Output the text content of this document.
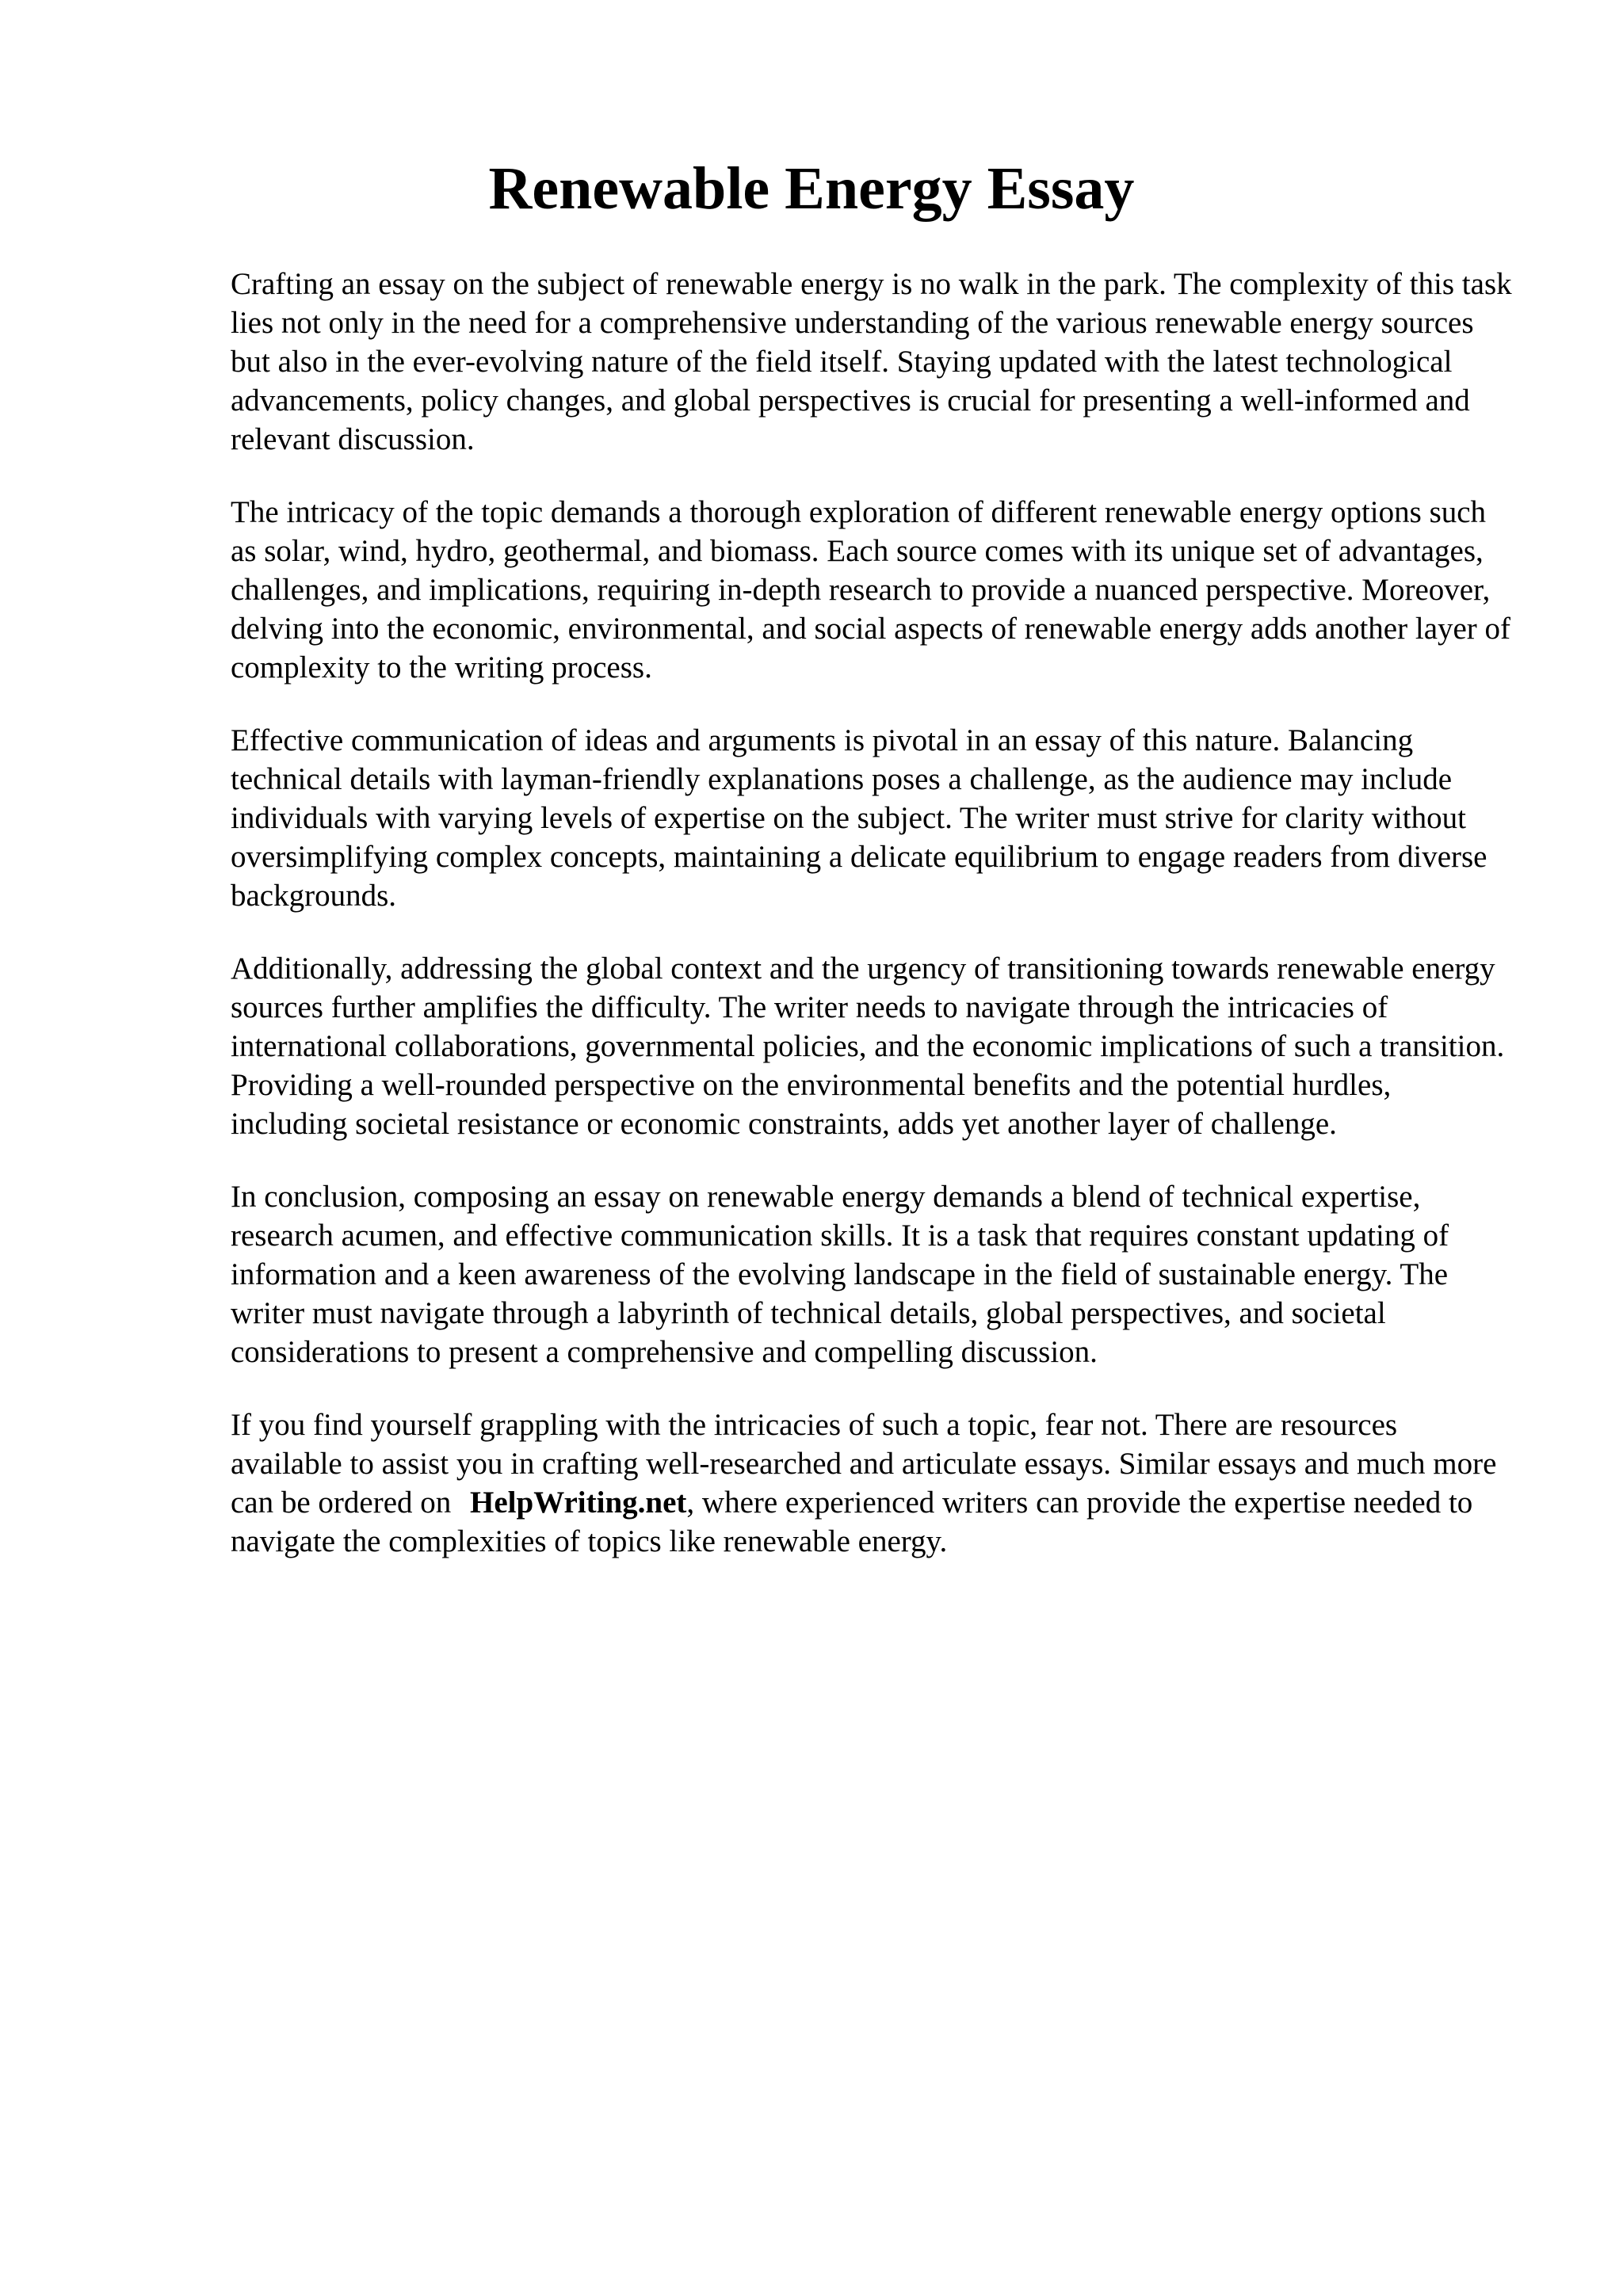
Renewable Energy Essay

Crafting an essay on the subject of renewable energy is no walk in the park. The complexity of this task lies not only in the need for a comprehensive understanding of the various renewable energy sources but also in the ever-evolving nature of the field itself. Staying updated with the latest technological advancements, policy changes, and global perspectives is crucial for presenting a well-informed and relevant discussion.

The intricacy of the topic demands a thorough exploration of different renewable energy options such as solar, wind, hydro, geothermal, and biomass. Each source comes with its unique set of advantages, challenges, and implications, requiring in-depth research to provide a nuanced perspective. Moreover, delving into the economic, environmental, and social aspects of renewable energy adds another layer of complexity to the writing process.

Effective communication of ideas and arguments is pivotal in an essay of this nature. Balancing technical details with layman-friendly explanations poses a challenge, as the audience may include individuals with varying levels of expertise on the subject. The writer must strive for clarity without oversimplifying complex concepts, maintaining a delicate equilibrium to engage readers from diverse backgrounds.

Additionally, addressing the global context and the urgency of transitioning towards renewable energy sources further amplifies the difficulty. The writer needs to navigate through the intricacies of international collaborations, governmental policies, and the economic implications of such a transition. Providing a well-rounded perspective on the environmental benefits and the potential hurdles, including societal resistance or economic constraints, adds yet another layer of challenge.

In conclusion, composing an essay on renewable energy demands a blend of technical expertise, research acumen, and effective communication skills. It is a task that requires constant updating of information and a keen awareness of the evolving landscape in the field of sustainable energy. The writer must navigate through a labyrinth of technical details, global perspectives, and societal considerations to present a comprehensive and compelling discussion.

If you find yourself grappling with the intricacies of such a topic, fear not. There are resources available to assist you in crafting well-researched and articulate essays. Similar essays and much more can be ordered on HelpWriting.net, where experienced writers can provide the expertise needed to navigate the complexities of topics like renewable energy.
